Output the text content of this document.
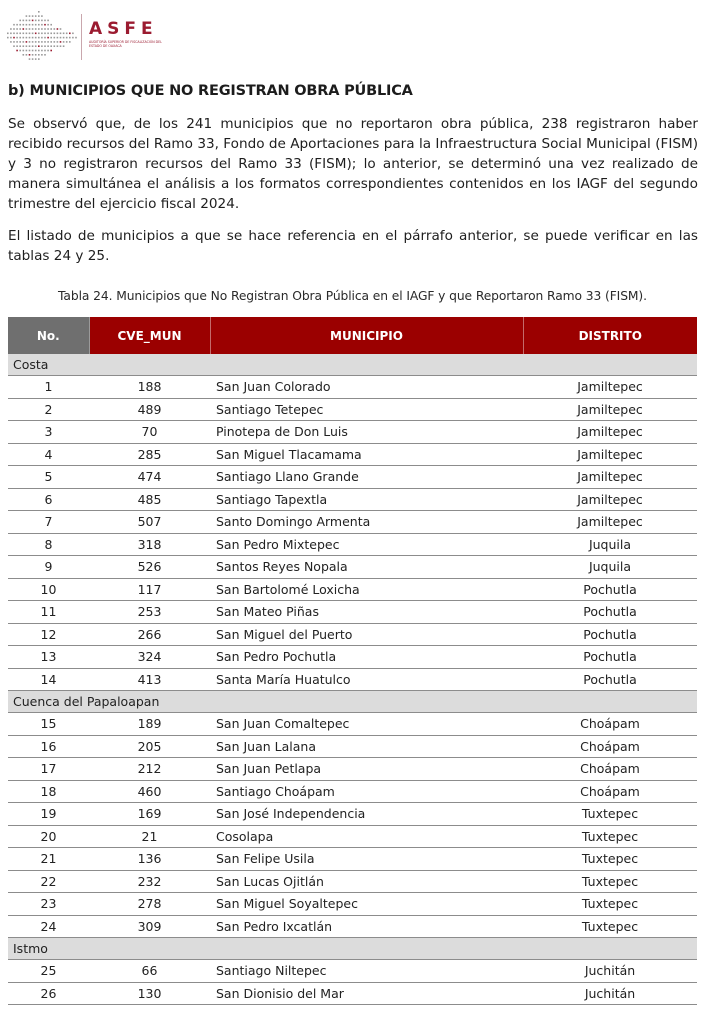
ASFE
AUDITORÍA SUPERIOR DE FISCALIZACIÓN DEL ESTADO DE OAXACA
b) MUNICIPIOS QUE NO REGISTRAN OBRA PÚBLICA
Se observó que, de los 241 municipios que no reportaron obra pública, 238 registraron haber recibido recursos del Ramo 33, Fondo de Aportaciones para la Infraestructura Social Municipal (FISM) y 3 no registraron recursos del Ramo 33 (FISM); lo anterior, se determinó una vez realizado de manera simultánea el análisis a los formatos correspondientes contenidos en los IAGF del segundo trimestre del ejercicio fiscal 2024.
El listado de municipios a que se hace referencia en el párrafo anterior, se puede verificar en las tablas 24 y 25.
Tabla 24. Municipios que No Registran Obra Pública en el IAGF y que Reportaron Ramo 33 (FISM).
No.	CVE_MUN	MUNICIPIO	DISTRITO
Costa			
1	188	San Juan Colorado	Jamiltepec
2	489	Santiago Tetepec	Jamiltepec
3	70	Pinotepa de Don Luis	Jamiltepec
4	285	San Miguel Tlacamama	Jamiltepec
5	474	Santiago Llano Grande	Jamiltepec
6	485	Santiago Tapextla	Jamiltepec
7	507	Santo Domingo Armenta	Jamiltepec
8	318	San Pedro Mixtepec	Juquila
9	526	Santos Reyes Nopala	Juquila
10	117	San Bartolomé Loxicha	Pochutla
11	253	San Mateo Piñas	Pochutla
12	266	San Miguel del Puerto	Pochutla
13	324	San Pedro Pochutla	Pochutla
14	413	Santa María Huatulco	Pochutla
Cuenca del Papaloapan			
15	189	San Juan Comaltepec	Choápam
16	205	San Juan Lalana	Choápam
17	212	San Juan Petlapa	Choápam
18	460	Santiago Choápam	Choápam
19	169	San José Independencia	Tuxtepec
20	21	Cosolapa	Tuxtepec
21	136	San Felipe Usila	Tuxtepec
22	232	San Lucas Ojitlán	Tuxtepec
23	278	San Miguel Soyaltepec	Tuxtepec
24	309	San Pedro Ixcatlán	Tuxtepec
Istmo			
25	66	Santiago Niltepec	Juchitán
26	130	San Dionisio del Mar	Juchitán
